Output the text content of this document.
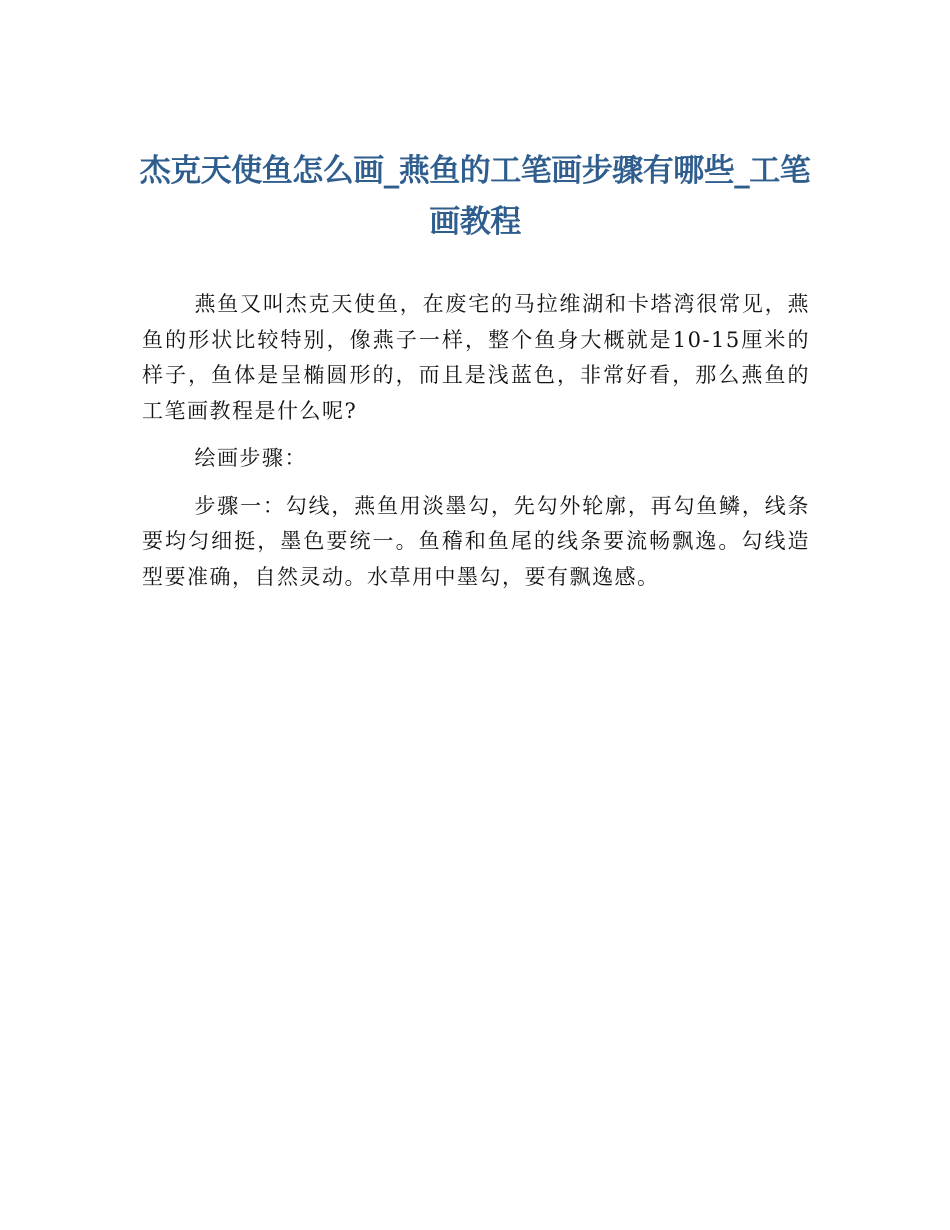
杰克天使鱼怎么画_燕鱼的工笔画步骤有哪些_工笔画教程

燕鱼又叫杰克天使鱼，在废宅的马拉维湖和卡塔湾很常见，燕鱼的形状比较特别，像燕子一样，整个鱼身大概就是10-15厘米的样子，鱼体是呈椭圆形的，而且是浅蓝色，非常好看，那么燕鱼的工笔画教程是什么呢?

绘画步骤：

步骤一：勾线，燕鱼用淡墨勾，先勾外轮廓，再勾鱼鳞，线条要均匀细挺，墨色要统一。鱼稽和鱼尾的线条要流畅飘逸。勾线造型要准确，自然灵动。水草用中墨勾，要有飘逸感。
